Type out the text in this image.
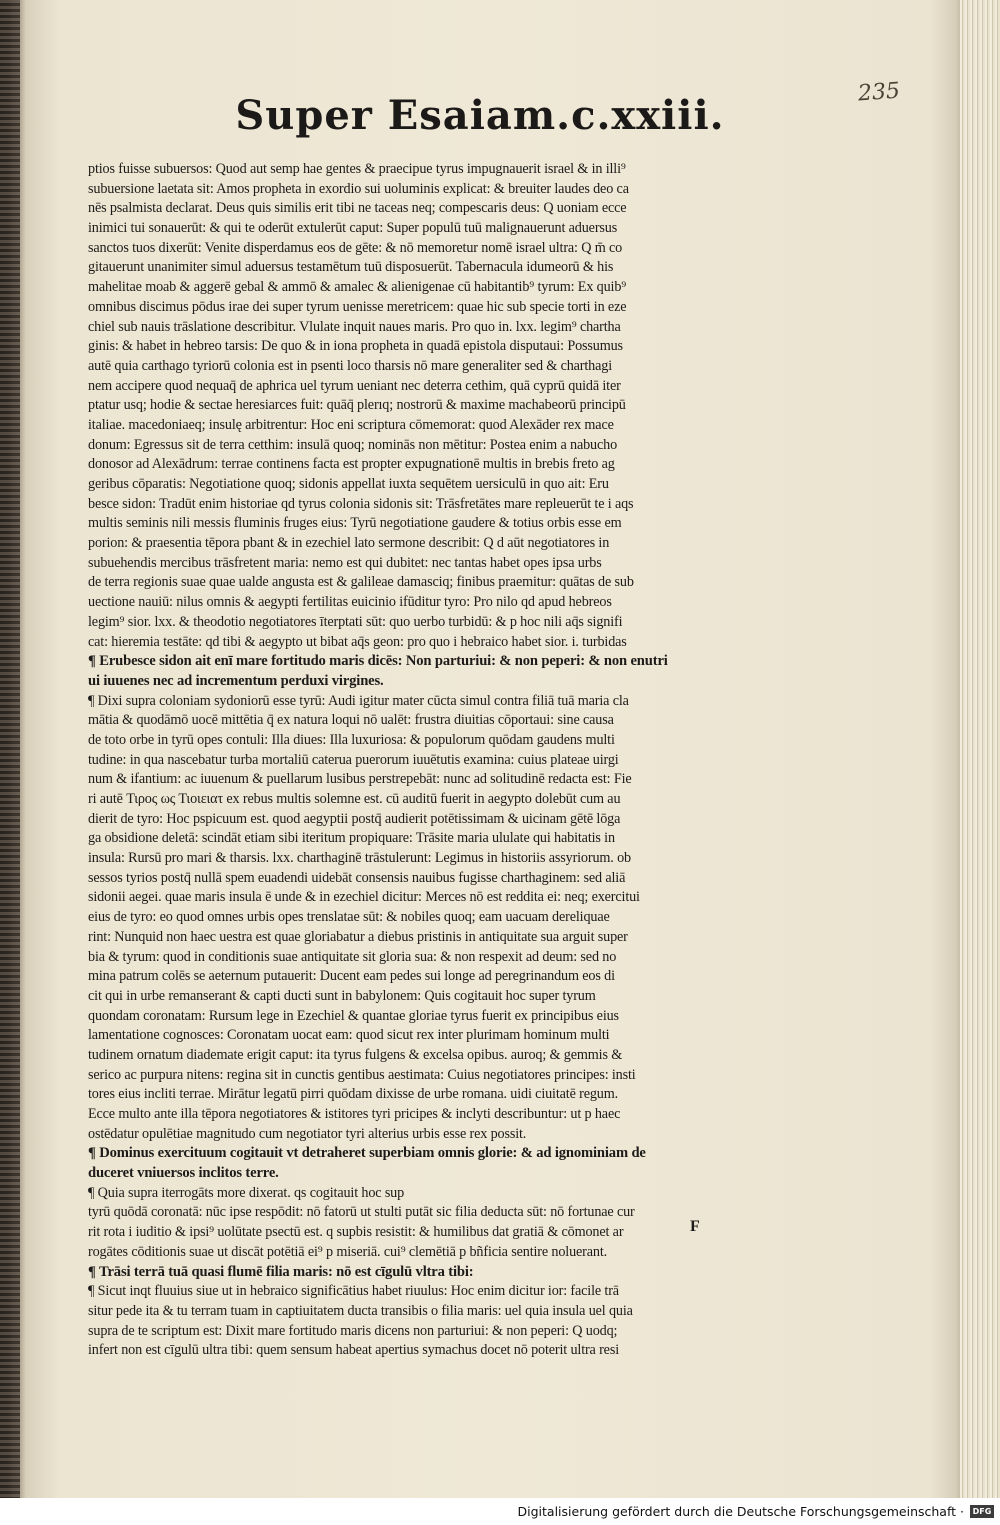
Super Esaiam.c.xxiii.	235
ptios fuisse subuersos: Quod aut semp hae gentes & praecipue tyrus impugnauerit israel & in illi⁹
subuersione laetata sit: Amos propheta in exordio sui uoluminis explicat: & breuiter laudes deo ca
nēs psalmista declarat. Deus quis similis erit tibi ne taceas neq; compescaris deus: Q uoniam ecce
inimici tui sonauerūt: & qui te oderūt extulerūt caput: Super populū tuū malignauerunt aduersus
sanctos tuos dixerūt: Venite disperdamus eos de gēte: & nō memoretur nomē israel ultra: Q m̄ co
gitauerunt unanimiter simul aduersus testamētum tuū disposuerūt. Tabernacula idumeorū & his
mahelitae moab & aggerē gebal & ammō & amalec & alienigenae cū habitantib⁹ tyrum: Ex quib⁹
omnibus discimus pōdus irae dei super tyrum uenisse meretricem: quae hic sub specie torti in eze
chiel sub nauis trāslatione describitur. Vlulate inquit naues maris. Pro quo in. lxx. legim⁹ chartha
ginis: & habet in hebreo tarsis: De quo & in iona propheta in quadā epistola disputaui: Possumus
autē quia carthago tyriorū colonia est in psenti loco tharsis nō mare generaliter sed & charthagi
nem accipere quod nequaq̄ de aphrica uel tyrum ueniant nec deterra cethim, quā cyprū quidā iter
ptatur usq; hodie & sectae heresiarces fuit: quāq̄ plerıq; nostrorū & maxime machabeorū principū
italiae. macedoniaeq; insulę arbitrentur: Hoc eni scriptura cōmemorat: quod Alexāder rex mace
donum: Egressus sit de terra cetthim: insulā quoq; nominās non mētitur: Postea enim a nabucho
donosor ad Alexādrum: terrae continens facta est propter expugnationē multis in brebis freto ag
geribus cōparatis: Negotiatione quoq; sidonis appellat iuxta sequētem uersiculū in quo ait: Eru
besce sidon: Tradūt enim historiae qd tyrus colonia sidonis sit: Trāsfretātes mare repleuerūt te i aqs
multis seminis nili messis fluminis fruges eius: Tyrū negotiatione gaudere & totius orbis esse em
porion: & praesentia tēpora pbant & in ezechiel lato sermone describit: Q d aūt negotiatores in
subuehendis mercibus trāsfretent maria: nemo est qui dubitet: nec tantas habet opes ipsa urbs
de terra regionis suae quae ualde angusta est & galileae damasciq; finibus praemitur: quātas de sub
uectione nauiū: nilus omnis & aegypti fertilitas euicinio ifūditur tyro: Pro nilo qd apud hebreos
legim⁹ sior. lxx. & theodotio negotiatores īterptati sūt: quo uerbo turbidū: & p hoc nili aq̄s signifi
cat: hieremia testāte: qd tibi & aegypto ut bibat aq̄s geon: pro quo i hebraico habet sior. i. turbidas
¶ Erubesce sidon ait enī mare fortitudo maris dicēs: Non parturiui: & non peperi: & non enutri
ui iuuenes nec ad incrementum perduxi virgines.
¶ Dixi supra coloniam sydoniorū esse tyrū: Audi igitur mater cūcta simul contra filiā tuā maria cla
mātia & quodāmō uocē mittētia q̄ ex natura loqui nō ualēt: frustra diuitias cōportaui: sine causa
de toto orbe in tyrū opes contuli: Illa diues: Illa luxuriosa: & populorum quōdam gaudens multi
tudine: in qua nascebatur turba mortaliū caterua puerorum iuuētutis examina: cuius plateae uirgi
num & ifantium: ac iuuenum & puellarum lusibus perstrepebāt: nunc ad solitudinē redacta est: Fie
ri autē Τιρος ως Τιοιειατ ex rebus multis solemne est. cū auditū fuerit in aegypto dolebūt cum au
dierit de tyro: Hoc pspicuum est. quod aegyptii postq̄ audierit potētissimam & uicinam gētē lōga
ga obsidione deletā: scindāt etiam sibi iteritum propiquare: Trāsite maria ululate qui habitatis in
insula: Rursū pro mari & tharsis. lxx. charthaginē trāstulerunt: Legimus in historiis assyriorum. ob
sessos tyrios postq̄ nullā spem euadendi uidebāt consensis nauibus fugisse charthaginem: sed aliā
sidonii aegei. quae maris insula ē unde & in ezechiel dicitur: Merces nō est reddita ei: neq; exercitui
eius de tyro: eo quod omnes urbis opes trenslatae sūt: & nobiles quoq; eam uacuam dereliquae
rint: Nunquid non haec uestra est quae gloriabatur a diebus pristinis in antiquitate sua arguit super
bia & tyrum: quod in conditionis suae antiquitate sit gloria sua: & non respexit ad deum: sed no
mina patrum colēs se aeternum putauerit: Ducent eam pedes sui longe ad peregrinandum eos di
cit qui in urbe remanserant & capti ducti sunt in babylonem: Quis cogitauit hoc super tyrum
quondam coronatam: Rursum lege in Ezechiel & quantae gloriae tyrus fuerit ex principibus eius
lamentatione cognosces: Coronatam uocat eam: quod sicut rex inter plurimam hominum multi
tudinem ornatum diademate erigit caput: ita tyrus fulgens & excelsa opibus. auroq; & gemmis &
serico ac purpura nitens: regina sit in cunctis gentibus aestimata: Cuius negotiatores principes: insti
tores eius incliti terrae. Mirātur legatū pirri quōdam dixisse de urbe romana. uidi ciuitatē regum.
Ecce multo ante illa tēpora negotiatores & istitores tyri pricipes & inclyti describuntur: ut p haec
ostēdatur opulētiae magnitudo cum negotiator tyri alterius urbis esse rex possit.
¶ Dominus exercituum cogitauit vt detraheret superbiam omnis glorie: & ad ignominiam de
duceret vniuersos inclitos terre.
¶ Quia supra iterrogāts more dixerat. qs cogitauit hoc sup
tyrū quōdā coronatā: nūc ipse respōdit: nō fatorū ut stulti putāt sic filia deducta sūt: nō fortunae cur
rit rota i iuditio & ipsi⁹ uolūtate psectū est. q supbis resistit: & humilibus dat gratiā & cōmonet ar
rogātes cōditionis suae ut discāt potētiā ei⁹ p miseriā. cui⁹ clemētiā p bñficia sentire noluerant.
¶ Trāsi terrā tuā quasi flumē filia maris: nō est cīgulū vltra tibi:
¶ Sicut inqt fluuius siue ut in hebraico significātius habet riuulus: Hoc enim dicitur ior: facile trā
situr pede ita & tu terram tuam in captiuitatem ducta transibis o filia maris: uel quia insula uel quia
supra de te scriptum est: Dixit mare fortitudo maris dicens non parturiui: & non peperi: Q uodq;
infert non est cīgulū ultra tibi: quem sensum habeat apertius symachus docet nō poterit ultra resi
F
Digitalisierung gefördert durch die Deutsche Forschungsgemeinschaft ·	DFG
